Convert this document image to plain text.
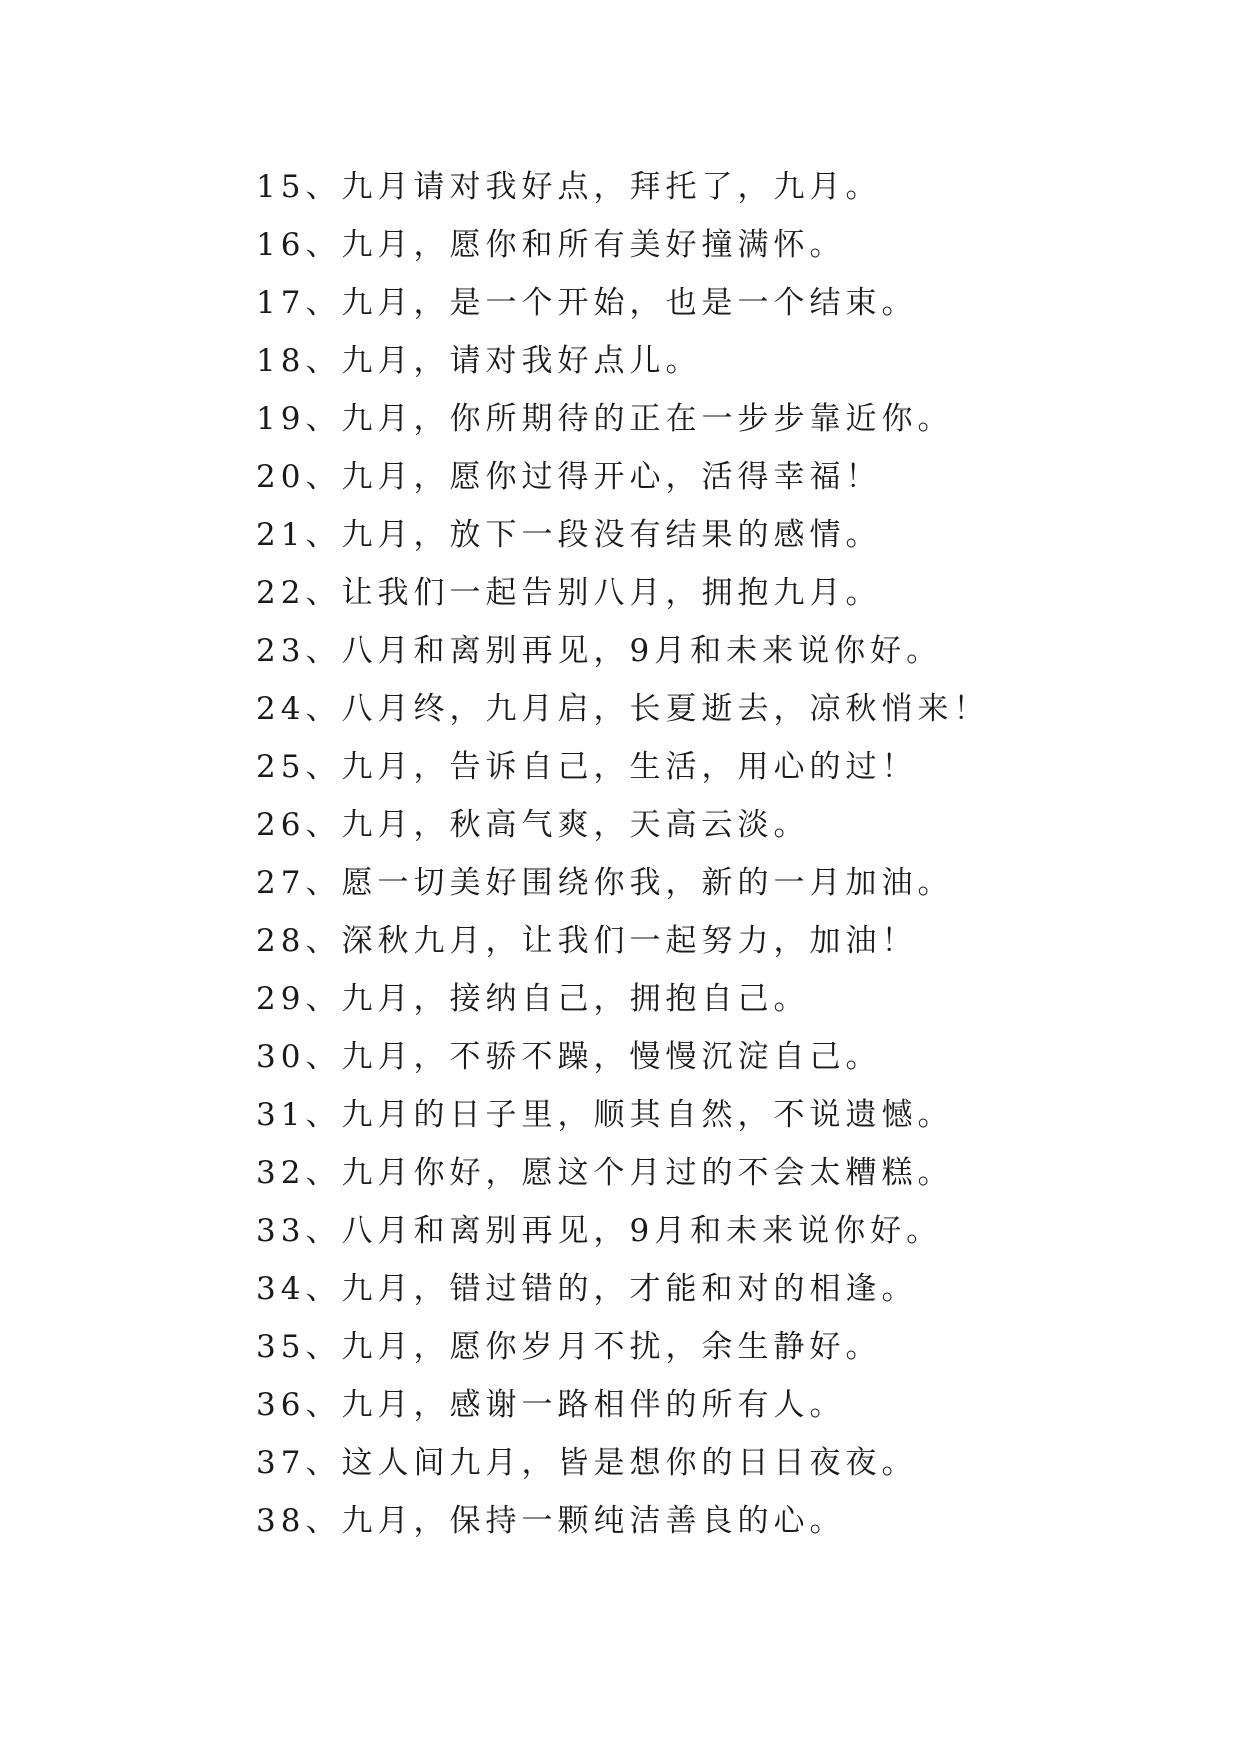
15、九月请对我好点，拜托了，九月。
16、九月，愿你和所有美好撞满怀。
17、九月，是一个开始，也是一个结束。
18、九月，请对我好点儿。
19、九月，你所期待的正在一步步靠近你。
20、九月，愿你过得开心，活得幸福！
21、九月，放下一段没有结果的感情。
22、让我们一起告别八月，拥抱九月。
23、八月和离别再见，9月和未来说你好。
24、八月终，九月启，长夏逝去，凉秋悄来！
25、九月，告诉自己，生活，用心的过！
26、九月，秋高气爽，天高云淡。
27、愿一切美好围绕你我，新的一月加油。
28、深秋九月，让我们一起努力，加油！
29、九月，接纳自己，拥抱自己。
30、九月，不骄不躁，慢慢沉淀自己。
31、九月的日子里，顺其自然，不说遗憾。
32、九月你好，愿这个月过的不会太糟糕。
33、八月和离别再见，9月和未来说你好。
34、九月，错过错的，才能和对的相逢。
35、九月，愿你岁月不扰，余生静好。
36、九月，感谢一路相伴的所有人。
37、这人间九月，皆是想你的日日夜夜。
38、九月，保持一颗纯洁善良的心。
